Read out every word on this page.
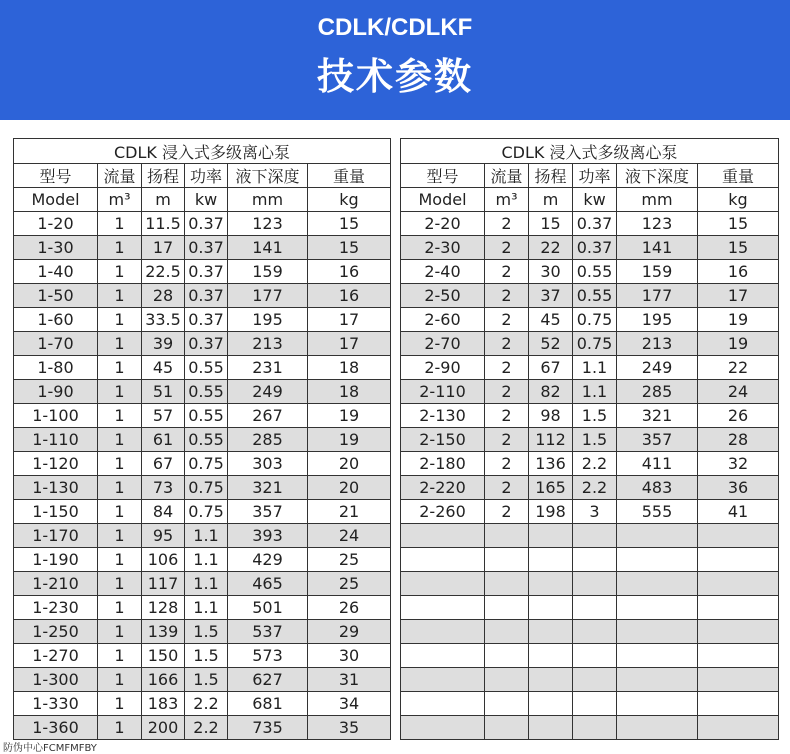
CDLK/CDLKF
技术参数
CDLK 浸入式多级离心泵					
型号	流量	扬程	功率	液下深度	重量
Model	m³	m	kw	mm	kg
1-20	1	11.5	0.37	123	15
1-30	1	17	0.37	141	15
1-40	1	22.5	0.37	159	16
1-50	1	28	0.37	177	16
1-60	1	33.5	0.37	195	17
1-70	1	39	0.37	213	17
1-80	1	45	0.55	231	18
1-90	1	51	0.55	249	18
1-100	1	57	0.55	267	19
1-110	1	61	0.55	285	19
1-120	1	67	0.75	303	20
1-130	1	73	0.75	321	20
1-150	1	84	0.75	357	21
1-170	1	95	1.1	393	24
1-190	1	106	1.1	429	25
1-210	1	117	1.1	465	25
1-230	1	128	1.1	501	26
1-250	1	139	1.5	537	29
1-270	1	150	1.5	573	30
1-300	1	166	1.5	627	31
1-330	1	183	2.2	681	34
1-360	1	200	2.2	735	35
CDLK 浸入式多级离心泵					
型号	流量	扬程	功率	液下深度	重量
Model	m³	m	kw	mm	kg
2-20	2	15	0.37	123	15
2-30	2	22	0.37	141	15
2-40	2	30	0.55	159	16
2-50	2	37	0.55	177	17
2-60	2	45	0.75	195	19
2-70	2	52	0.75	213	19
2-90	2	67	1.1	249	22
2-110	2	82	1.1	285	24
2-130	2	98	1.5	321	26
2-150	2	112	1.5	357	28
2-180	2	136	2.2	411	32
2-220	2	165	2.2	483	36
2-260	2	198	3	555	41

防伪中心FCMFMFBY
